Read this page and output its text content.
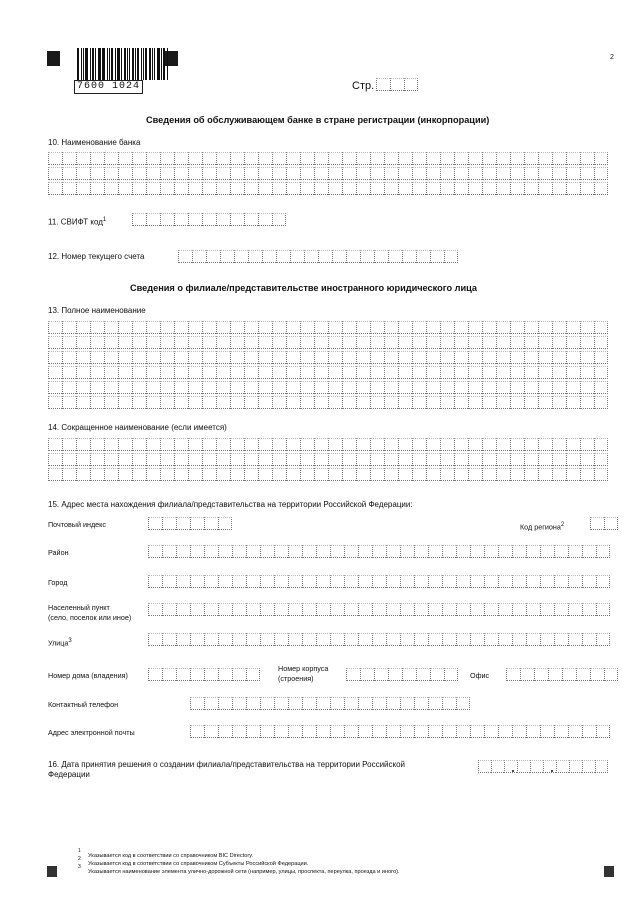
7600 1024
2
Стр.
Сведения об обслуживающем банке в стране регистрации (инкорпорации)
10. Наименование банка
11. СВИФТ код$^1$
12. Номер текущего счета
Сведения о филиале/представительстве иностранного юридического лица
13. Полное наименование
14. Сокращенное наименование (если имеется)
15. Адрес места нахождения филиала/представительства на территории Российской Федерации:
Почтовый индекс	Код региона$^2$
Район
Город
Населенный пункт
(село, поселок или иное)
Улица$^3$
Номер дома (владения)
Номер корпуса
(строения)	Офис
Контактный телефон
Адрес электронной почты
16. Дата принятия решения о создании филиала/представительства на территории Российской
Федерации
1
2
3
Указывается код в соответствии со справочником BIC Directory.
Указывается код в соответствии со справочником Субъекты Российской Федерации.
Указывается наименование элемента улично-дорожной сети (например, улицы, проспекта, переулка, проезда и иного).
